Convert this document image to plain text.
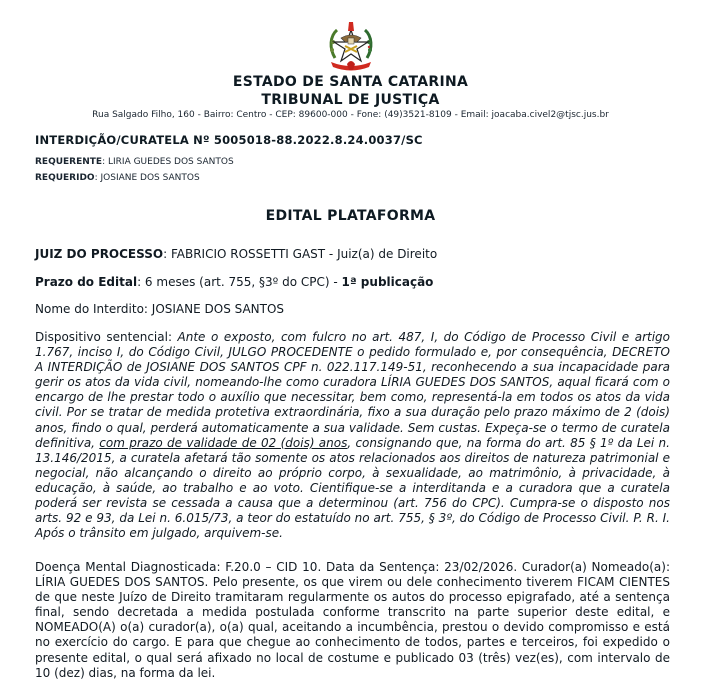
ESTADO DE SANTA CATARINA
TRIBUNAL DE JUSTIÇA
Rua Salgado Filho, 160 - Bairro: Centro - CEP: 89600-000 - Fone: (49)3521-8109 - Email: joacaba.civel2@tjsc.jus.br
INTERDIÇÃO/CURATELA Nº 5005018-88.2022.8.24.0037/SC
REQUERENTE: LIRIA GUEDES DOS SANTOS
REQUERIDO: JOSIANE DOS SANTOS
EDITAL PLATAFORMA
JUIZ DO PROCESSO: FABRICIO ROSSETTI GAST - Juiz(a) de Direito
Prazo do Edital: 6 meses (art. 755, §3º do CPC) - 1ª publicação
Nome do Interdito: JOSIANE DOS SANTOS
Dispositivo sentencial: Ante o exposto, com fulcro no art. 487, I, do Código de Processo Civil e artigo 1.767, inciso I, do Código Civil, JULGO PROCEDENTE o pedido formulado e, por consequência, DECRETO A INTERDIÇÃO de JOSIANE DOS SANTOS CPF n. 022.117.149-51, reconhecendo a sua incapacidade para gerir os atos da vida civil, nomeando-lhe como curadora LÍRIA GUEDES DOS SANTOS, aqual ficará com o encargo de lhe prestar todo o auxílio que necessitar, bem como, representá-la em todos os atos da vida civil. Por se tratar de medida protetiva extraordinária, fixo a sua duração pelo prazo máximo de 2 (dois) anos, findo o qual, perderá automaticamente a sua validade. Sem custas. Expeça-se o termo de curatela definitiva, com prazo de validade de 02 (dois) anos, consignando que, na forma do art. 85 § 1º da Lei n. 13.146/2015, a curatela afetará tão somente os atos relacionados aos direitos de natureza patrimonial e negocial, não alcançando o direito ao próprio corpo, à sexualidade, ao matrimônio, à privacidade, à educação, à saúde, ao trabalho e ao voto. Cientifique-se a interditanda e a curadora que a curatela poderá ser revista se cessada a causa que a determinou (art. 756 do CPC). Cumpra-se o disposto nos arts. 92 e 93, da Lei n. 6.015/73, a teor do estatuído no art. 755, § 3º, do Código de Processo Civil. P. R. I. Após o trânsito em julgado, arquivem-se.
Doença Mental Diagnosticada: F.20.0 – CID 10. Data da Sentença: 23/02/2026. Curador(a) Nomeado(a): LÍRIA GUEDES DOS SANTOS. Pelo presente, os que virem ou dele conhecimento tiverem FICAM CIENTES de que neste Juízo de Direito tramitaram regularmente os autos do processo epigrafado, até a sentença final, sendo decretada a medida postulada conforme transcrito na parte superior deste edital, e NOMEADO(A) o(a) curador(a), o(a) qual, aceitando a incumbência, prestou o devido compromisso e está no exercício do cargo. E para que chegue ao conhecimento de todos, partes e terceiros, foi expedido o presente edital, o qual será afixado no local de costume e publicado 03 (três) vez(es), com intervalo de 10 (dez) dias, na forma da lei.
